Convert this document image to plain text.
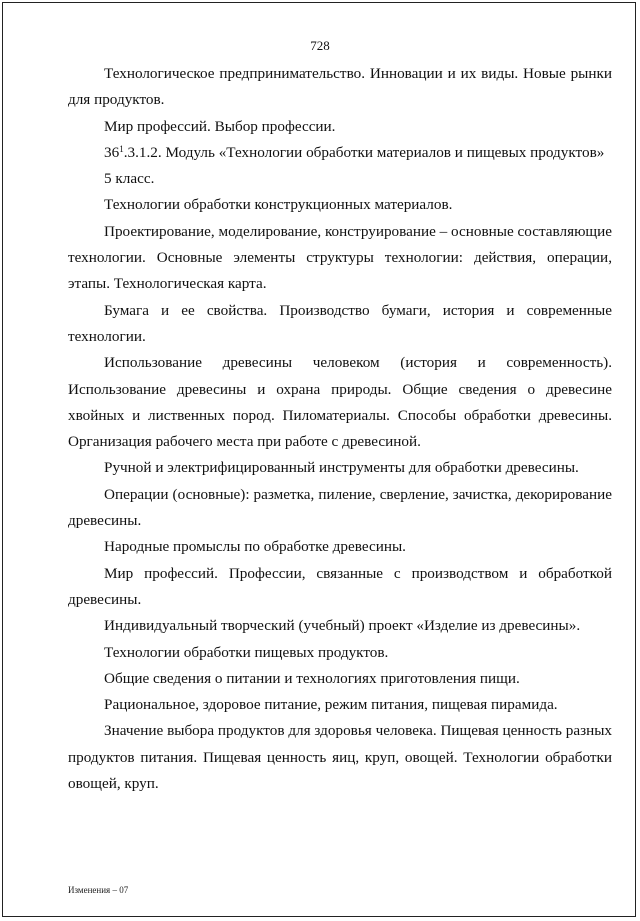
728

Технологическое предпринимательство. Инновации и их виды. Новые рынки для продуктов.

Мир профессий. Выбор профессии.

$36^1.3.1.2$. Модуль «Технологии обработки материалов и пищевых продуктов»

5 класс.

Технологии обработки конструкционных материалов.

Проектирование, моделирование, конструирование – основные составляющие технологии. Основные элементы структуры технологии: действия, операции, этапы. Технологическая карта.

Бумага и ее свойства. Производство бумаги, история и современные технологии.

Использование древесины человеком (история и современность). Использование древесины и охрана природы. Общие сведения о древесине хвойных и лиственных пород. Пиломатериалы. Способы обработки древесины. Организация рабочего места при работе с древесиной.

Ручной и электрифицированный инструменты для обработки древесины.

Операции (основные): разметка, пиление, сверление, зачистка, декорирование древесины.

Народные промыслы по обработке древесины.

Мир профессий. Профессии, связанные с производством и обработкой древесины.

Индивидуальный творческий (учебный) проект «Изделие из древесины».

Технологии обработки пищевых продуктов.

Общие сведения о питании и технологиях приготовления пищи.

Рациональное, здоровое питание, режим питания, пищевая пирамида.

Значение выбора продуктов для здоровья человека. Пищевая ценность разных продуктов питания. Пищевая ценность яиц, круп, овощей. Технологии обработки овощей, круп.

Изменения – 07
